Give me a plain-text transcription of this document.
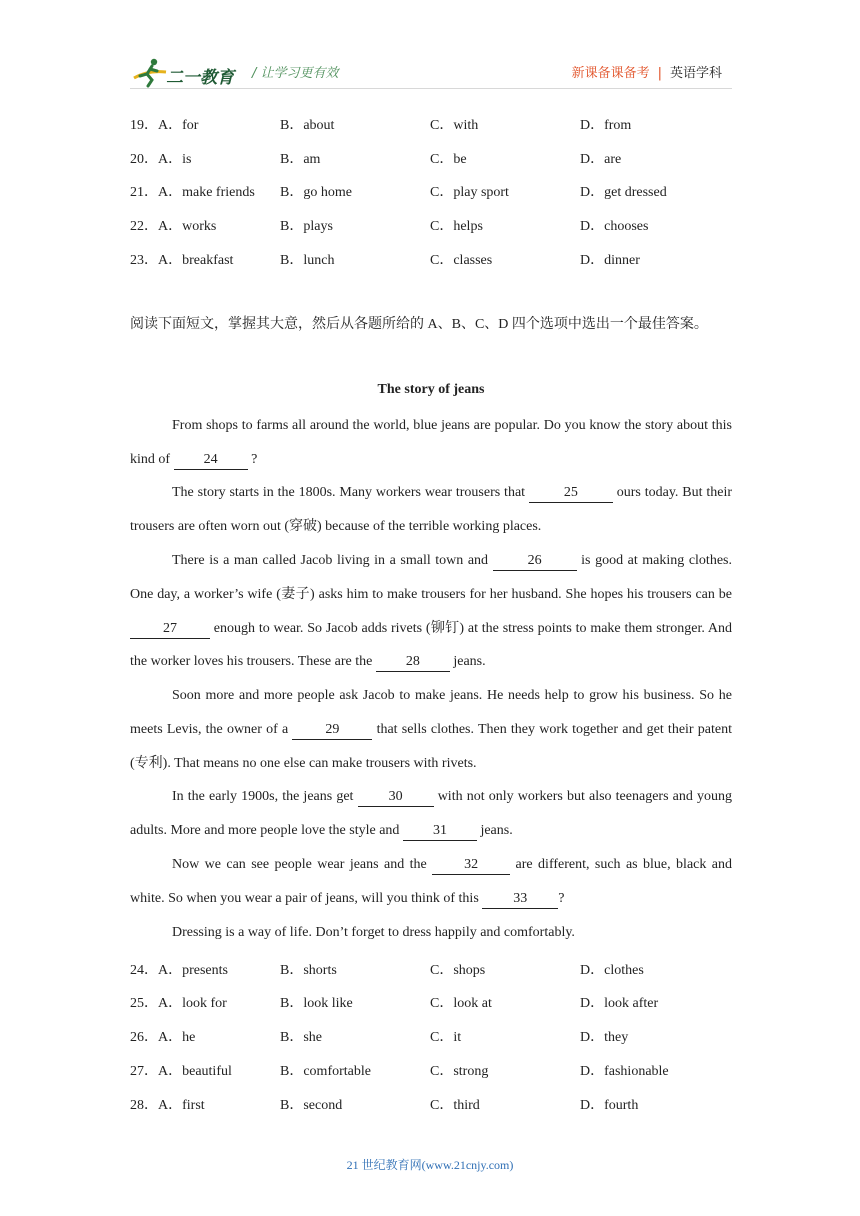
二一教育 / 让学习更有效	新课备课备考 | 英语学科
19．A．for	B．about	C．with	D．from
20．A．is	B．am	C．be	D．are
21．A．make friends B．go home	C．play sport	D．get dressed
22．A．works	B．plays	C．helps	D．chooses
23．A．breakfast	B．lunch	C．classes	D．dinner
阅读下面短文，掌握其大意，然后从各题所给的 A、B、C、D 四个选项中选出一个最佳答案。
The story of jeans
From shops to farms all around the world, blue jeans are popular. Do you know the story about this kind of 24 ?
The story starts in the 1800s. Many workers wear trousers that	25	ours today. But their trousers are often worn out (穿破) because of the terrible working places.
There is a man called Jacob living in a small town and	26	is good at making clothes. One day, a worker’s wife (妻子) asks him to make trousers for her husband. She hopes his trousers can be 27 enough to wear. So Jacob adds rivets (铆钉) at the stress points to make them stronger. And the worker loves his trousers. These are the 28 jeans.
Soon more and more people ask Jacob to make jeans. He needs help to grow his business. So he meets Levis, the owner of a 29 that sells clothes. Then they work together and get their patent (专利). That means no one else can make trousers with rivets.
In the early 1900s, the jeans get 30 with not only workers but also teenagers and young adults. More and more people love the style and 31 jeans.
Now we can see people wear jeans and the 32 are different, such as blue, black and white. So when you wear a pair of jeans, will you think of this 33 ?
Dressing is a way of life. Don’t forget to dress happily and comfortably.
24．A．presents	B．shorts	C．shops	D．clothes
25．A．look for	B．look like	C．look at	D．look after
26．A．he	B．she	C．it	D．they
27．A．beautiful	B．comfortable	C．strong	D．fashionable
28．A．first	B．second	C．third	D．fourth
21 世纪教育网(www.21cnjy.com)
